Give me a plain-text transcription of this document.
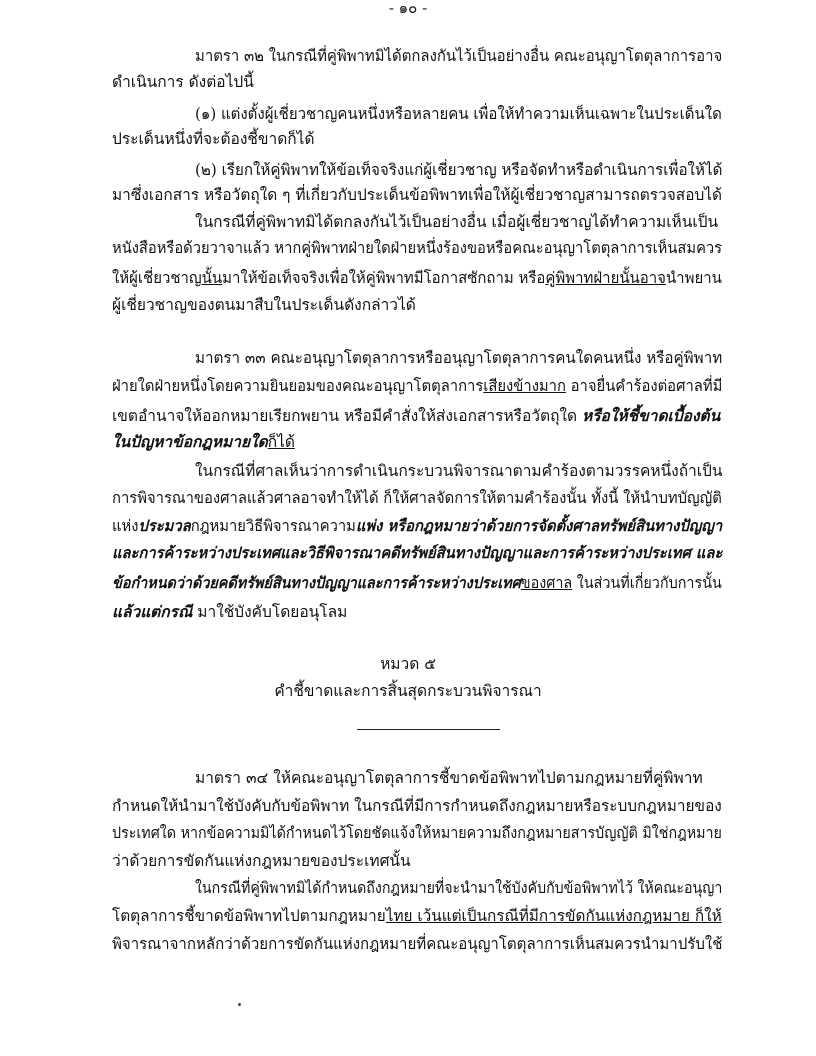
- ๑๐ -
มาตรา ๓๒ ในกรณีที่คู่พิพาทมิได้ตกลงกันไว้เป็นอย่างอื่น คณะอนุญาโตตุลาการอาจ
ดำเนินการ ดังต่อไปนี้
(๑) แต่งตั้งผู้เชี่ยวชาญคนหนึ่งหรือหลายคน เพื่อให้ทำความเห็นเฉพาะในประเด็นใด
ประเด็นหนึ่งที่จะต้องชี้ขาดก็ได้
(๒) เรียกให้คู่พิพาทให้ข้อเท็จจริงแก่ผู้เชี่ยวชาญ หรือจัดทำหรือดำเนินการเพื่อให้ได้
มาซึ่งเอกสาร หรือวัตถุใด ๆ ที่เกี่ยวกับประเด็นข้อพิพาทเพื่อให้ผู้เชี่ยวชาญสามารถตรวจสอบได้
ในกรณีที่คู่พิพาทมิได้ตกลงกันไว้เป็นอย่างอื่น เมื่อผู้เชี่ยวชาญได้ทำความเห็นเป็น
หนังสือหรือด้วยวาจาแล้ว หากคู่พิพาทฝ่ายใดฝ่ายหนึ่งร้องขอหรือคณะอนุญาโตตุลาการเห็นสมควร
ให้ผู้เชี่ยวชาญนั้นมาให้ข้อเท็จจริงเพื่อให้คู่พิพาทมีโอกาสซักถาม หรือคู่พิพาทฝ่ายนั้นอาจนำพยาน
ผู้เชี่ยวชาญของตนมาสืบในประเด็นดังกล่าวได้
มาตรา ๓๓ คณะอนุญาโตตุลาการหรืออนุญาโตตุลาการคนใดคนหนึ่ง หรือคู่พิพาท
ฝ่ายใดฝ่ายหนึ่งโดยความยินยอมของคณะอนุญาโตตุลาการเสียงข้างมาก อาจยื่นคำร้องต่อศาลที่มี
เขตอำนาจให้ออกหมายเรียกพยาน หรือมีคำสั่งให้ส่งเอกสารหรือวัตถุใด หรือให้ชี้ขาดเบื้องต้น
ในปัญหาข้อกฎหมายใดก็ได้
ในกรณีที่ศาลเห็นว่าการดำเนินกระบวนพิจารณาตามคำร้องตามวรรคหนึ่งถ้าเป็น
การพิจารณาของศาลแล้วศาลอาจทำให้ได้ ก็ให้ศาลจัดการให้ตามคำร้องนั้น ทั้งนี้ ให้นำบทบัญญัติ
แห่งประมวลกฎหมายวิธีพิจารณาความแพ่ง หรือกฎหมายว่าด้วยการจัดตั้งศาลทรัพย์สินทางปัญญา
และการค้าระหว่างประเทศและวิธีพิจารณาคดีทรัพย์สินทางปัญญาและการค้าระหว่างประเทศ และ
ข้อกำหนดว่าด้วยคดีทรัพย์สินทางปัญญาและการค้าระหว่างประเทศของศาล ในส่วนที่เกี่ยวกับการนั้น
แล้วแต่กรณี มาใช้บังคับโดยอนุโลม
หมวด ๕
คำชี้ขาดและการสิ้นสุดกระบวนพิจารณา
มาตรา ๓๔ ให้คณะอนุญาโตตุลาการชี้ขาดข้อพิพาทไปตามกฎหมายที่คู่พิพาท
กำหนดให้นำมาใช้บังคับกับข้อพิพาท ในกรณีที่มีการกำหนดถึงกฎหมายหรือระบบกฎหมายของ
ประเทศใด หากข้อความมิได้กำหนดไว้โดยชัดแจ้งให้หมายความถึงกฎหมายสารบัญญัติ มิใช่กฎหมาย
ว่าด้วยการขัดกันแห่งกฎหมายของประเทศนั้น
ในกรณีที่คู่พิพาทมิได้กำหนดถึงกฎหมายที่จะนำมาใช้บังคับกับข้อพิพาทไว้ ให้คณะอนุญา
โตตุลาการชี้ขาดข้อพิพาทไปตามกฎหมายไทย เว้นแต่เป็นกรณีที่มีการขัดกันแห่งกฎหมาย ก็ให้
พิจารณาจากหลักว่าด้วยการขัดกันแห่งกฎหมายที่คณะอนุญาโตตุลาการเห็นสมควรนำมาปรับใช้
